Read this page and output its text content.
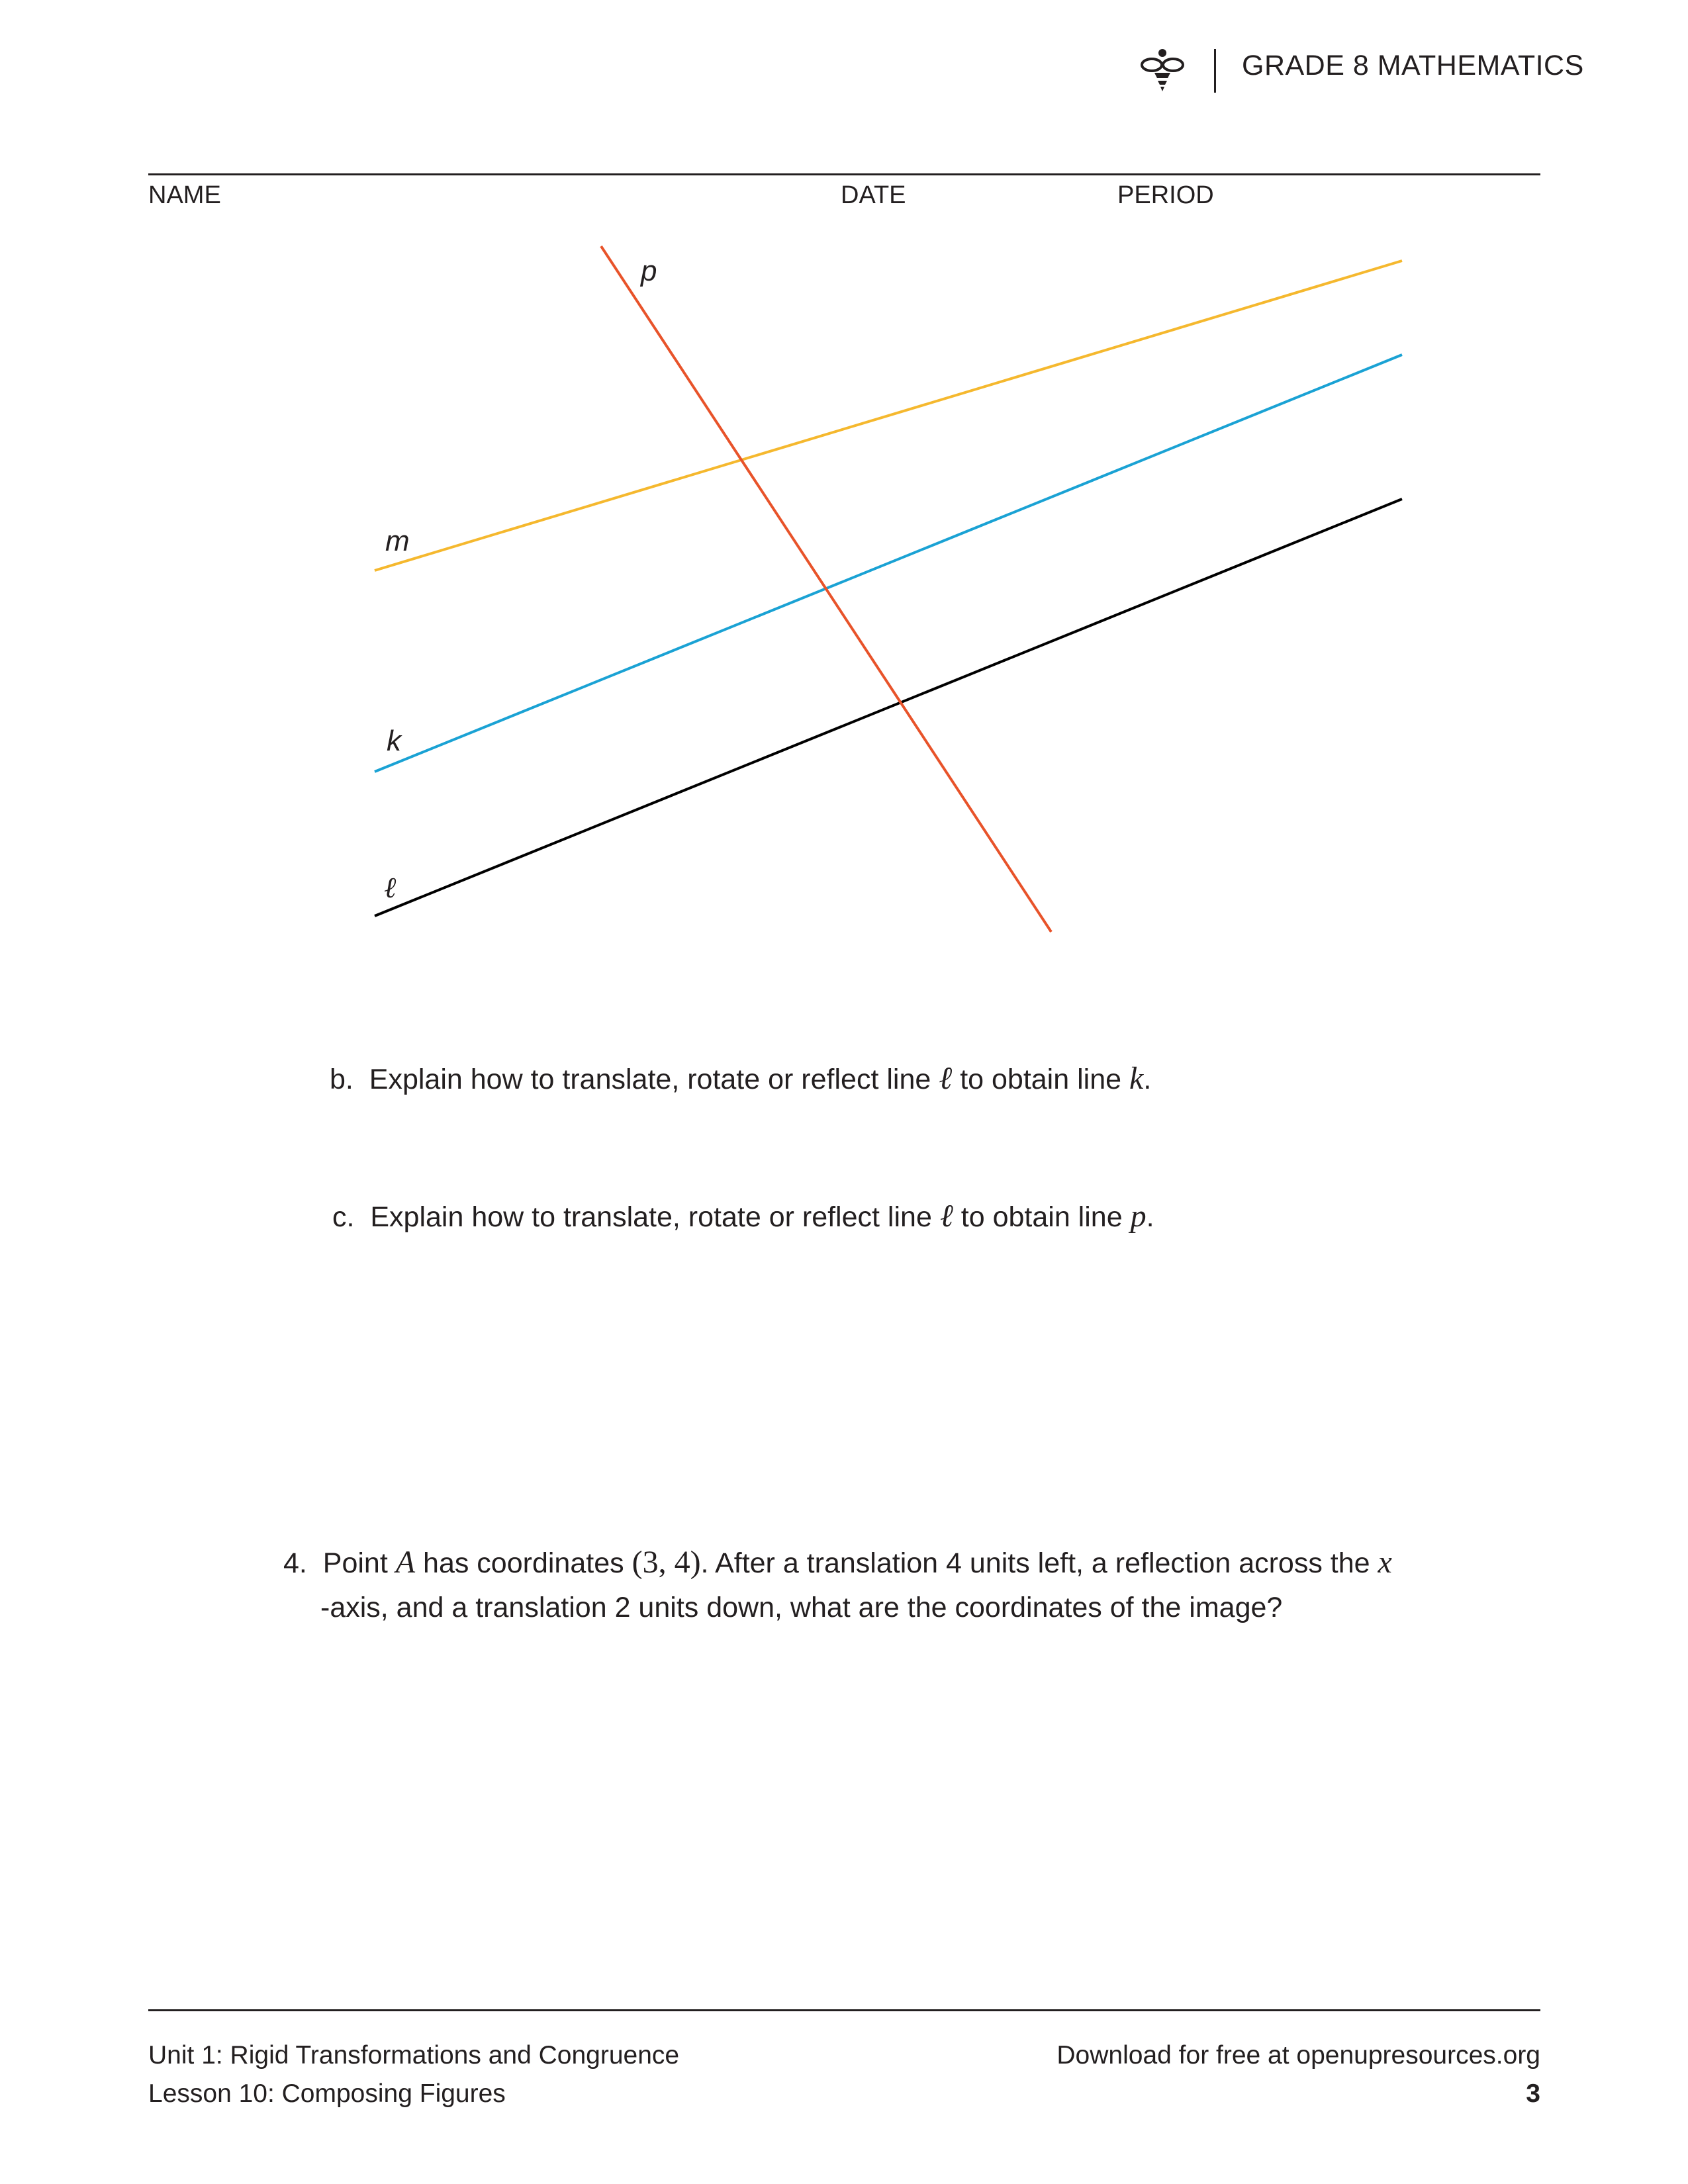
GRADE 8 MATHEMATICS
NAME	DATE	PERIOD
p
m
k
ℓ
b. Explain how to translate, rotate or reflect line ℓ to obtain line k.
c. Explain how to translate, rotate or reflect line ℓ to obtain line p.
4. Point A has coordinates (3, 4). After a translation 4 units left, a reflection across the x
-axis, and a translation 2 units down, what are the coordinates of the image?
Unit 1: Rigid Transformations and Congruence
Lesson 10: Composing Figures
Download for free at openupresources.org
3
